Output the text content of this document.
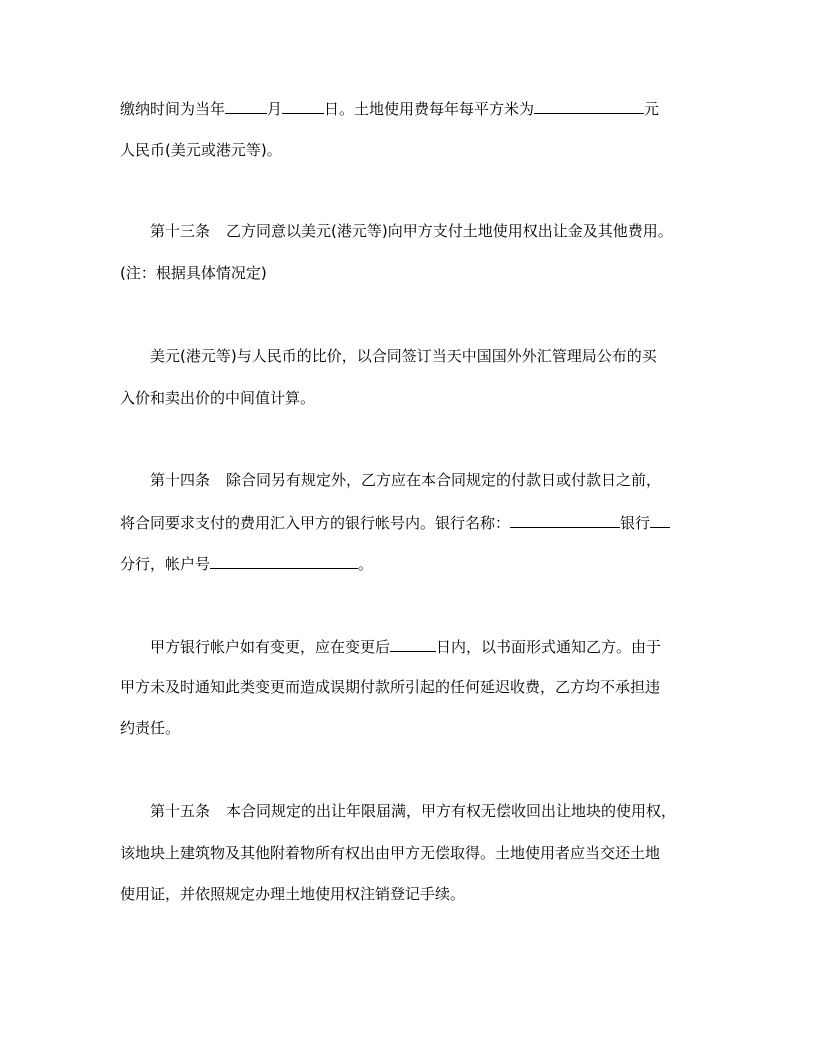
缴纳时间为当年	月	日。土地使用费每年每平方米为	元
人民币(美元或港元等)。
第十三条 乙方同意以美元(港元等)向甲方支付土地使用权出让金及其他费用。
(注：根据具体情况定)
美元(港元等)与人民币的比价，以合同签订当天中国国外外汇管理局公布的买
入价和卖出价的中间值计算。
第十四条 除合同另有规定外，乙方应在本合同规定的付款日或付款日之前，
将合同要求支付的费用汇入甲方的银行帐号内。银行名称：	银行
分行，帐户号	。
甲方银行帐户如有变更，应在变更后	日内，以书面形式通知乙方。由于
甲方未及时通知此类变更而造成误期付款所引起的任何延迟收费，乙方均不承担违
约责任。
第十五条 本合同规定的出让年限届满，甲方有权无偿收回出让地块的使用权，
该地块上建筑物及其他附着物所有权出由甲方无偿取得。土地使用者应当交还土地
使用证，并依照规定办理土地使用权注销登记手续。
